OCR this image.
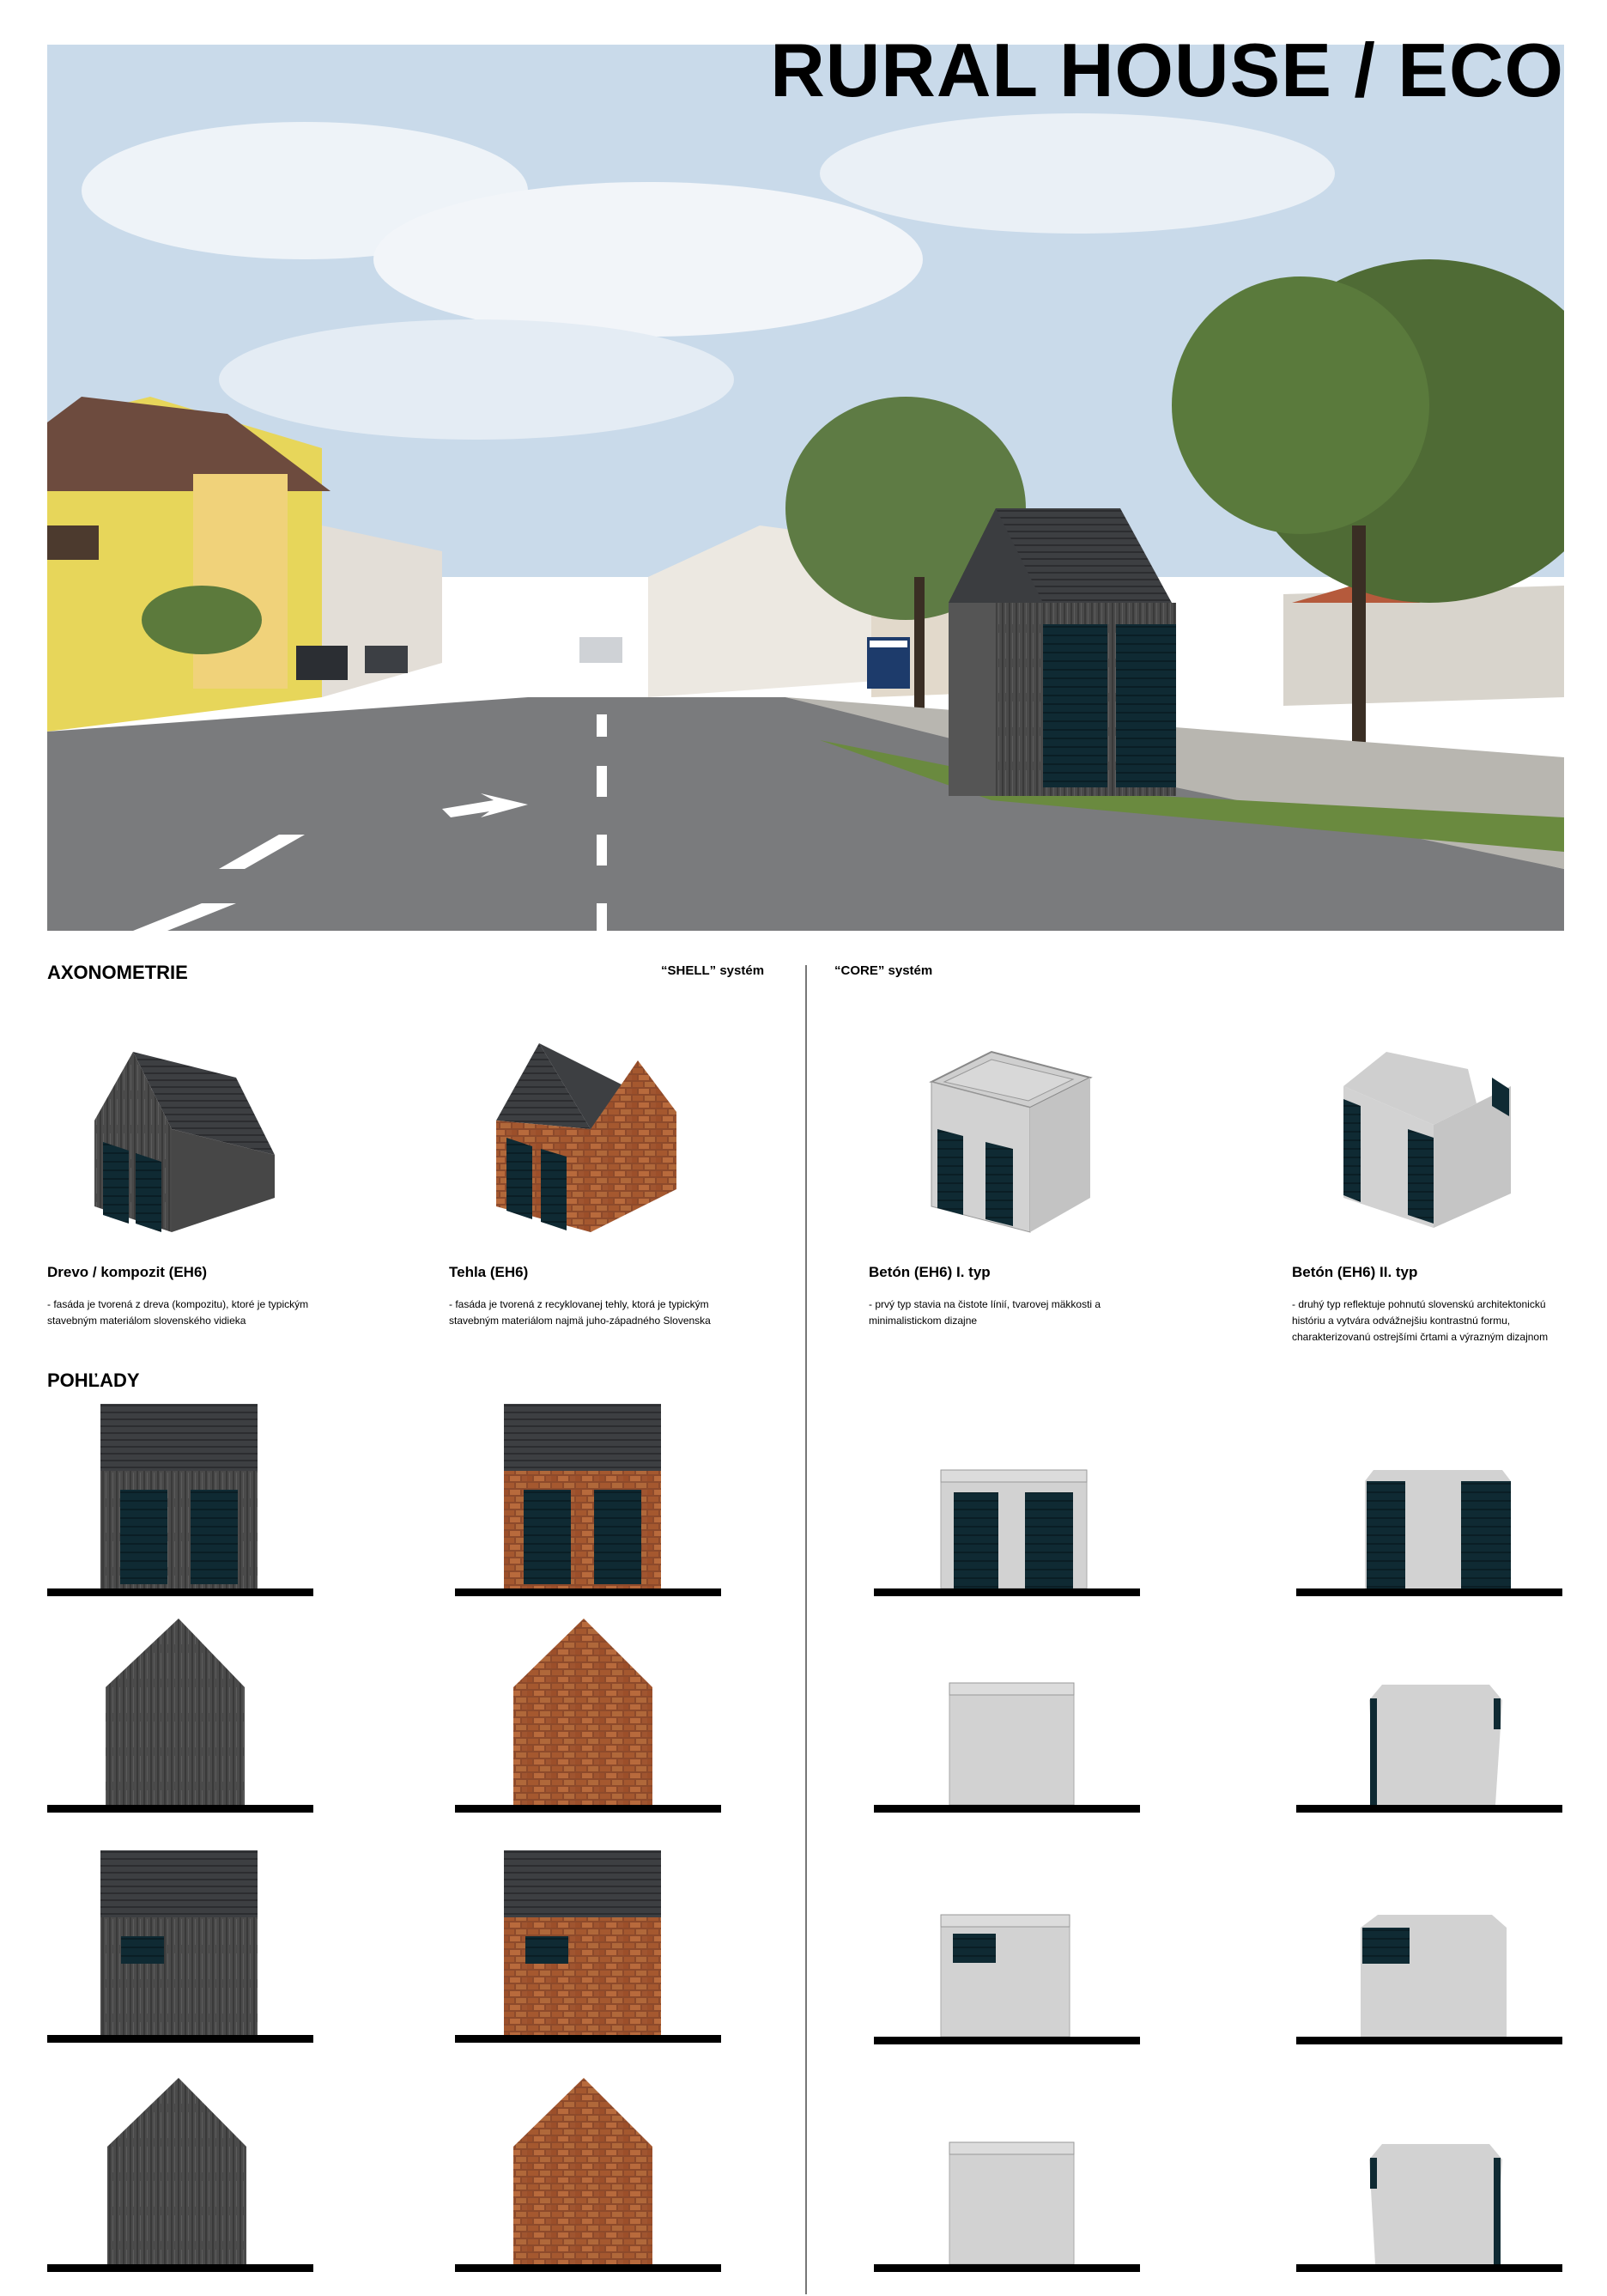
RURAL HOUSE / ECO
AXONOMETRIE	“SHELL” systém	“CORE” systém
Drevo / kompozit (EH6)
- fasáda je tvorená z dreva (kompozitu), ktoré je typickým stavebným materiálom slovenského vidieka
Tehla (EH6)
- fasáda je tvorená z recyklovanej tehly, ktorá je typickým stavebným materiálom najmä juho-západného Slovenska
Betón (EH6) I. typ
- prvý typ stavia na čistote línií, tvarovej mäkkosti a minimalistickom dizajne
Betón (EH6) II. typ
- druhý typ reflektuje pohnutú slovenskú architektonickú históriu a vytvára odvážnejšiu kontrastnú formu, charakterizovanú ostrejšími črtami a výrazným dizajnom
POHĽADY
